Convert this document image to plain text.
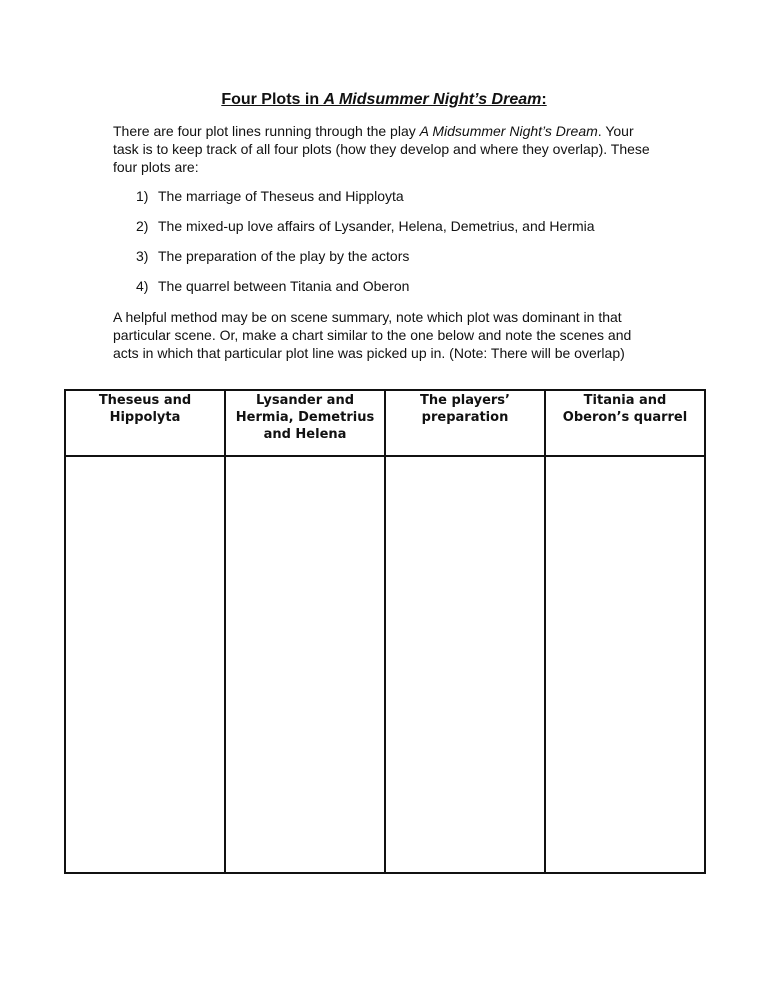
Four Plots in A Midsummer Night’s Dream:

There are four plot lines running through the play A Midsummer Night’s Dream. Your task is to keep track of all four plots (how they develop and where they overlap). These four plots are:

1) The marriage of Theseus and Hipploytа
2) The mixed-up love affairs of Lysander, Helena, Demetrius, and Hermia
3) The preparation of the play by the actors
4) The quarrel between Titania and Oberon

A helpful method may be on scene summary, note which plot was dominant in that particular scene. Or, make a chart similar to the one below and note the scenes and acts in which that particular plot line was picked up in. (Note: There will be overlap)

Theseus and Hippolyta	Lysander and Hermia, Demetrius and Helena	The players’ preparation	Titania and Oberon’s quarrel
